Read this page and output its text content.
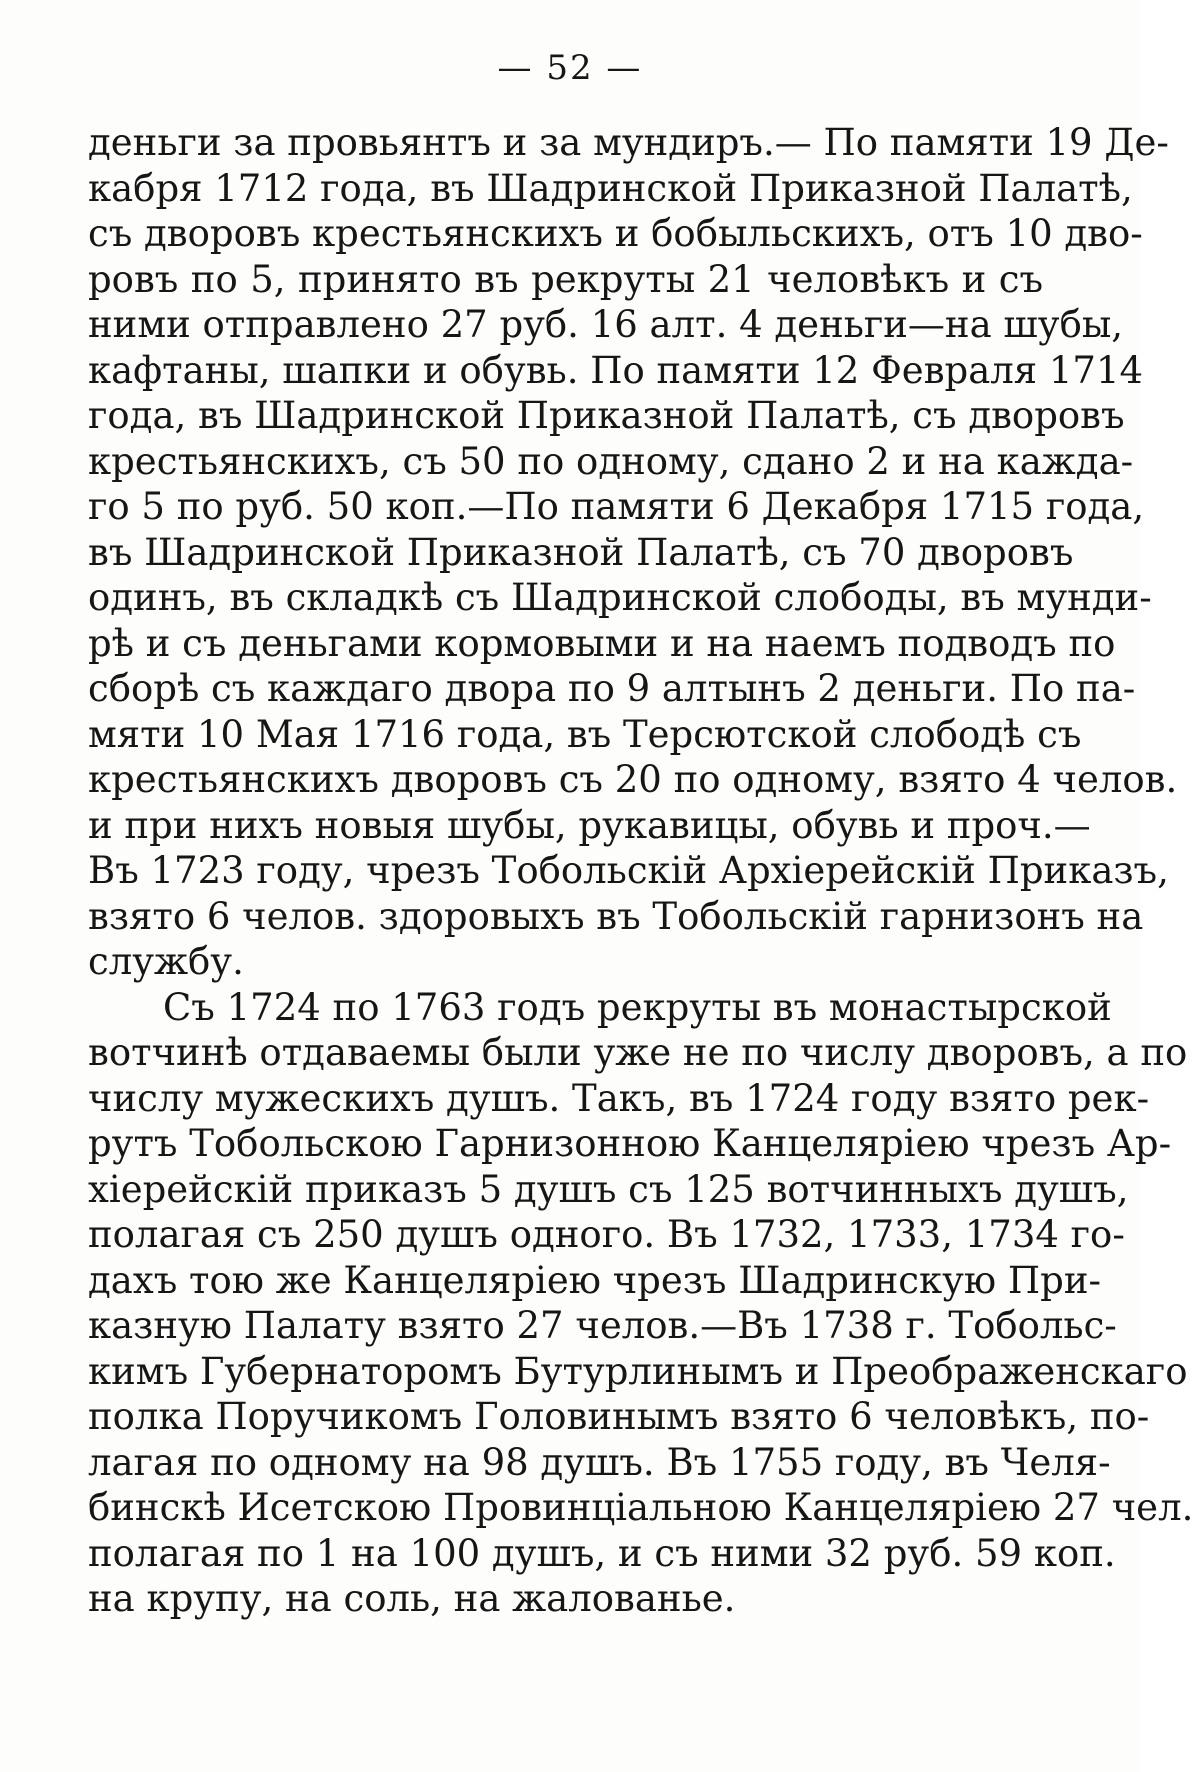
— 52 —
деньги за провьянтъ и за мундиръ.— По памяти 19 Де-
кабря 1712 года, въ Шадринской Приказной Палатѣ,
съ дворовъ крестьянскихъ и бобыльскихъ, отъ 10 дво-
ровъ по 5, принято въ рекруты 21 человѣкъ и съ
ними отправлено 27 руб. 16 алт. 4 деньги—на шубы,
кафтаны, шапки и обувь. По памяти 12 Февраля 1714
года, въ Шадринской Приказной Палатѣ, съ дворовъ
крестьянскихъ, съ 50 по одному, сдано 2 и на каждa-
го 5 по руб. 50 коп.—По памяти 6 Декабря 1715 года,
въ Шадринской Приказной Палатѣ, съ 70 дворовъ
одинъ, въ складкѣ съ Шадринской слободы, въ мунди-
рѣ и съ деньгами кормовыми и на наемъ подводъ по
сборѣ съ каждаго двора по 9 алтынъ 2 деньги. По па-
мяти 10 Мая 1716 года, въ Терсютской слободѣ съ
крестьянскихъ дворовъ съ 20 по одному, взято 4 челов.
и при нихъ новыя шубы, рукавицы, обувь и проч.—
Въ 1723 году, чрезъ Тобольскій Архіерейскій Приказъ,
взято 6 челов. здоровыхъ въ Тобольскій гарнизонъ на
службу.
Съ 1724 по 1763 годъ рекруты въ монастырской
вотчинѣ отдаваемы были уже не по числу дворовъ, а по
числу мужескихъ душъ. Такъ, въ 1724 году взято рек-
рутъ Тобольскою Гарнизонною Канцеляріею чрезъ Ар-
хіерейскій приказъ 5 душъ съ 125 вотчинныхъ душъ,
полагая съ 250 душъ одного. Въ 1732, 1733, 1734 го-
дахъ тою же Канцеляріею чрезъ Шадринскую При-
казную Палату взято 27 челов.—Въ 1738 г. Тобольс-
кимъ Губернаторомъ Бутурлинымъ и Преображенскаго
полка Поручикомъ Головинымъ взято 6 человѣкъ, по-
лагая по одному на 98 душъ. Въ 1755 году, въ Челя-
бинскѣ Исетскою Провинціальною Канцеляріею 27 чел.
полагая по 1 на 100 душъ, и съ ними 32 руб. 59 коп.
на крупу, на соль, на жалованье.
